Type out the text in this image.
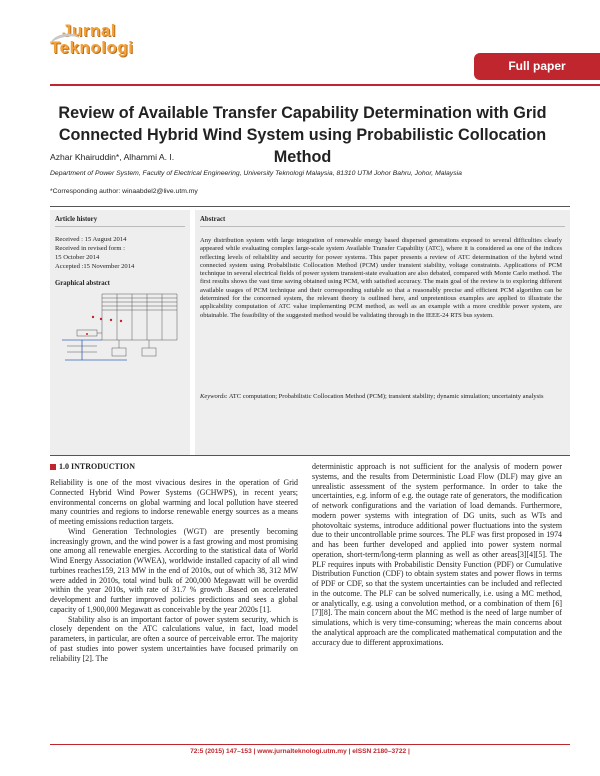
Jurnal
Teknologi
Full paper
Review of Available Transfer Capability Determination with Grid Connected Hybrid Wind System using Probabilistic Collocation Method
Azhar Khairuddin*, Alhammi A. I.
Department of Power System, Faculty of Electrical Engineering, University Teknologi Malaysia, 81310 UTM Johor Bahru, Johor, Malaysia
*Corresponding author: winaabdel2@live.utm.my
Article history
Received : 15 August 2014
Received in revised form :
15 October 2014
Accepted :15 November 2014
Graphical abstract
Abstract
Any distribution system with large integration of renewable energy based dispersed generations exposed to several difficulties clearly appeared while evaluating complex large-scale system Available Transfer Capability (ATC), where it is considered as one of the indices reflecting levels of reliability and security for power systems. This paper presents a review of ATC determination of the hybrid wind connected system using Probabilistic Collocation Method (PCM) under transient stability, voltage constraints. Applications of PCM technique in several electrical fields of power system transient-state evaluation are also debated, compared with Monte Carlo method. The first results shows the vast time saving obtained using PCM, with satisfied accuracy. The main goal of the review is to exploring different available usages of PCM technique and their corresponding suitable so that a reasonably precise and efficient PCM algorithm can be determined for the concerned system, the relevant theory is outlined here, and unpretentious examples are applied to illustrate the applicability computation of ATC value implementing PCM method, as well as an example with a more credible power system, are obtainable. The feasibility of the suggested method would be validating through in the IEEE-24 RTS bus system.
Keywords: ATC computation; Probabilistic Collocation Method (PCM); transient stability; dynamic simulation; uncertainty analysis
1.0 INTRODUCTION

Reliability is one of the most vivacious desires in the operation of Grid Connected Hybrid Wind Power Systems (GCHWPS), in recent years; environmental concerns on global warming and local pollution have steered many countries and regions to indorse renewable energy sources as a means of meeting emissions reduction targets.

Wind Generation Technologies (WGT) are presently becoming increasingly grown, and the wind power is a fast growing and most promising one among all renewable energies. According to the statistical data of World Wind Energy Association (WWEA), worldwide installed capacity of all wind turbines reaches159, 213 MW in the end of 2010s, out of which 38, 312 MW were added in 2010s, total wind bulk of 200,000 Megawatt will be overdid within the year 2010s, with rate of 31.7 % growth .Based on accelerated development and further improved policies predictions and sees a global capacity of 1,900,000 Megawatt as conceivable by the year 2020s [1].

Stability also is an important factor of power system security, which is closely dependent on the ATC calculations value, in fact, load model parameters, in particular, are often a source of perceivable error. The majority of past studies into power system uncertainties have focused primarily on reliability [2]. The

deterministic approach is not sufficient for the analysis of modern power systems, and the results from Deterministic Load Flow (DLF) may give an unrealistic assessment of the system performance. In order to take the uncertainties, e.g. inform of e.g. the outage rate of generators, the modification of network configurations and the variation of load demands. Furthermore, modern power systems with integration of DG units, such as WTs and photovoltaic systems, introduce additional power fluctuations into the system due to their uncontrollable prime sources. The PLF was first proposed in 1974 and has been further developed and applied into power system normal operation, short-term/long-term planning as well as other areas[3][4][5]. The PLF requires inputs with Probabilistic Density Function (PDF) or Cumulative Distribution Function (CDF) to obtain system states and power flows in terms of PDF or CDF, so that the system uncertainties can be included and reflected in the outcome. The PLF can be solved numerically, i.e. using a MC method, or analytically, e.g. using a convolution method, or a combination of them [6][7][8]. The main concern about the MC method is the need of large number of simulations, which is very time-consuming; whereas the main concerns about the analytical approach are the complicated mathematical computation and the accuracy due to different approximations.

72:5 (2015) 147–153 | www.jurnalteknologi.utm.my | eISSN 2180–3722 |
